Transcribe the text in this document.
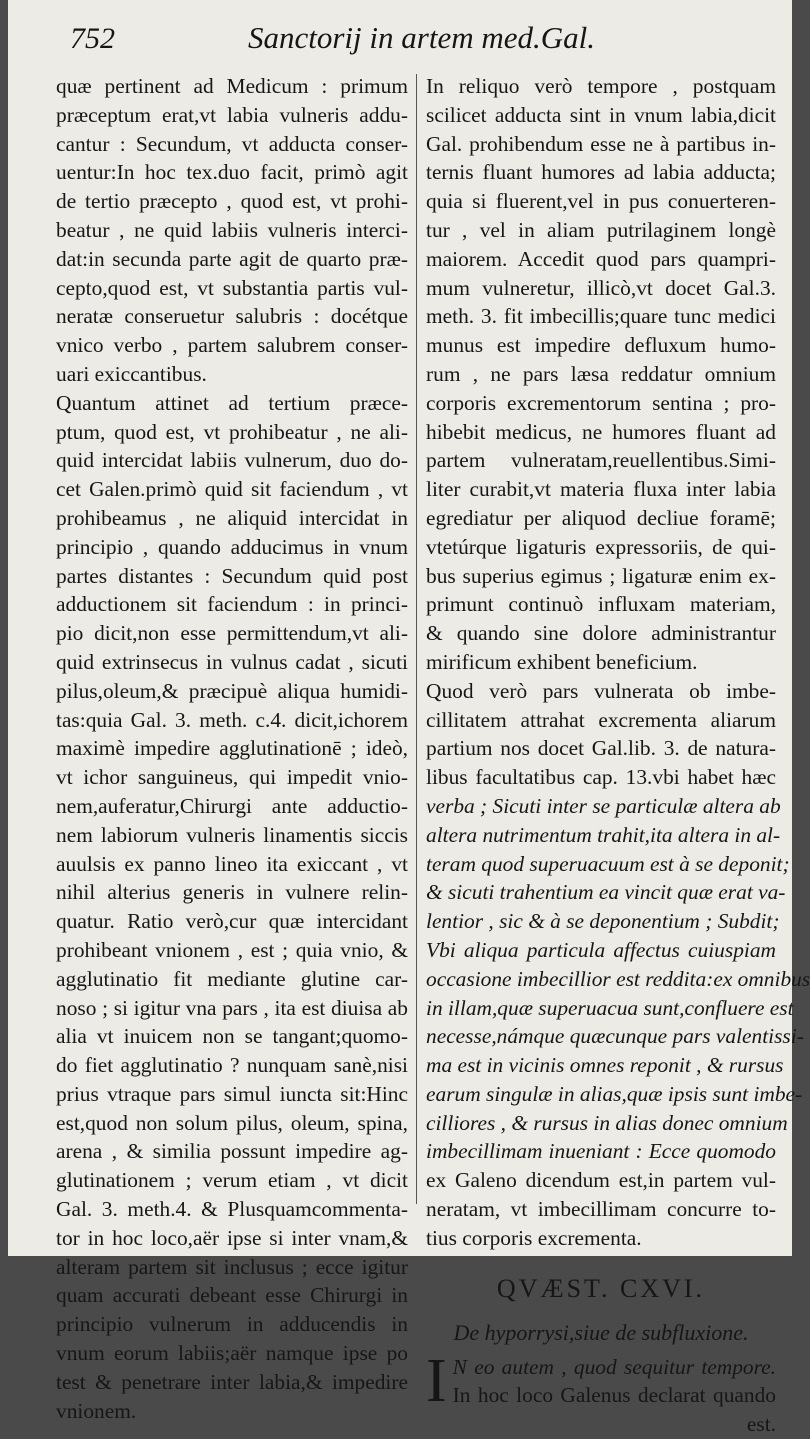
752	Sanctorij in artem med.Gal.
quæ pertinent ad Medicum : primum
præceptum erat,vt labia vulneris addu-
cantur : Secundum, vt adducta conser-
uentur:In hoc tex.duo facit, primò agit
de tertio præcepto , quod est, vt prohi-
beatur , ne quid labiis vulneris interci-
dat:in secunda parte agit de quarto præ-
cepto,quod est, vt substantia partis vul-
neratæ conseruetur salubris : docétque
vnico verbo , partem salubrem conser-
uari exiccantibus.
Quantum attinet ad tertium præce-
ptum, quod est, vt prohibeatur , ne ali-
quid intercidat labiis vulnerum, duo do-
cet Galen.primò quid sit faciendum , vt
prohibeamus , ne aliquid intercidat in
principio , quando adducimus in vnum
partes distantes : Secundum quid post
adductionem sit faciendum : in princi-
pio dicit,non esse permittendum,vt ali-
quid extrinsecus in vulnus cadat , sicuti
pilus,oleum,& præcipuè aliqua humidi-
tas:quia Gal. 3. meth. c.4. dicit,ichorem
maximè impedire agglutinationē ; ideò,
vt ichor sanguineus, qui impedit vnio-
nem,auferatur,Chirurgi ante adductio-
nem labiorum vulneris linamentis siccis
auulsis ex panno lineo ita exiccant , vt
nihil alterius generis in vulnere relin-
quatur. Ratio verò,cur quæ intercidant
prohibeant vnionem , est ; quia vnio, &
agglutinatio fit mediante glutine car-
noso ; si igitur vna pars , ita est diuisa ab
alia vt inuicem non se tangant;quomo-
do fiet agglutinatio ? nunquam sanè,nisi
prius vtraque pars simul iuncta sit:Hinc
est,quod non solum pilus, oleum, spina,
arena , & similia possunt impedire ag-
glutinationem ; verum etiam , vt dicit
Gal. 3. meth.4. & Plusquamcommenta-
tor in hoc loco,aër ipse si inter vnam,&
alteram partem sit inclusus ; ecce igitur
quam accurati debeant esse Chirurgi in
principio vulnerum in adducendis in
vnum eorum labiis;aër namque ipse po
test & penetrare inter labia,& impedire
vnionem.
In reliquo verò tempore , postquam
scilicet adducta sint in vnum labia,dicit
Gal. prohibendum esse ne à partibus in-
ternis fluant humores ad labia adducta;
quia si fluerent,vel in pus conuerteren-
tur , vel in aliam putrilaginem longè
maiorem. Accedit quod pars quampri-
mum vulneretur, illicò,vt docet Gal.3.
meth. 3. fit imbecillis;quare tunc medici
munus est impedire defluxum humo-
rum , ne pars læsa reddatur omnium
corporis excrementorum sentina ; pro-
hibebit medicus, ne humores fluant ad
partem vulneratam,reuellentibus.Simi-
liter curabit,vt materia fluxa inter labia
egrediatur per aliquod decliue foramē;
vtetúrque ligaturis expressoriis, de qui-
bus superius egimus ; ligaturæ enim ex-
primunt continuò influxam materiam,
& quando sine dolore administrantur
mirificum exhibent beneficium.
Quod verò pars vulnerata ob imbe-
cillitatem attrahat excrementa aliarum
partium nos docet Gal.lib. 3. de natura-
libus facultatibus cap. 13.vbi habet hæc
verba ; Sicuti inter se particulæ altera ab
altera nutrimentum trahit,ita altera in al-
teram quod superuacuum est à se deponit;
& sicuti trahentium ea vincit quæ erat va-
lentior , sic & à se deponentium ; Subdit;
Vbi aliqua particula affectus cuiuspiam
occasione imbecillior est reddita:ex omnibus
in illam,quæ superuacua sunt,confluere est
necesse,námque quæcunque pars valentissi-
ma est in vicinis omnes reponit , & rursus
earum singulæ in alias,quæ ipsis sunt imbe-
cilliores , & rursus in alias donec omnium
imbecillimam inueniant : Ecce quomodo
ex Galeno dicendum est,in partem vul-
neratam, vt imbecillimam concurre to-
tius corporis excrementa.
QVÆST. CXVI.
De hyporrysi,siue de subfluxione.
I N eo autem , quod sequitur tempore.
In hoc loco Galenus declarat quando
est.
